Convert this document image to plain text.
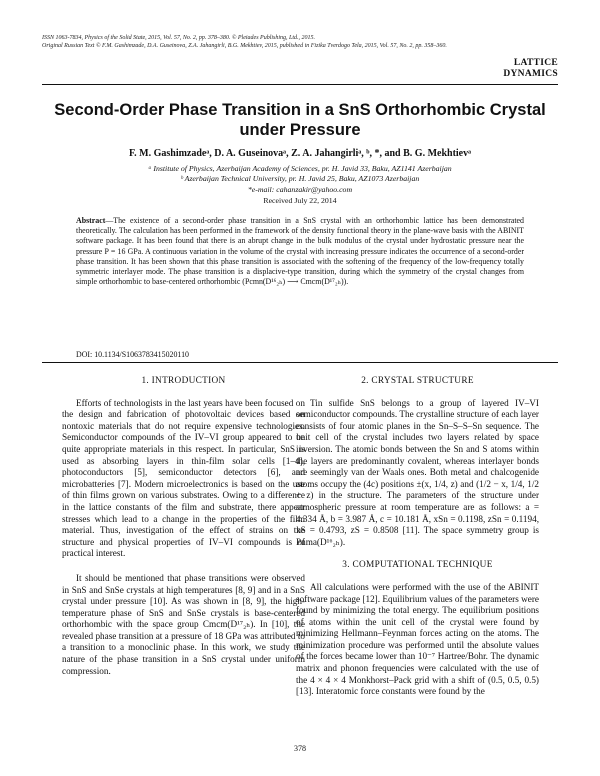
ISSN 1063-7834, Physics of the Solid State, 2015, Vol. 57, No. 2, pp. 378–380. © Pleiades Publishing, Ltd., 2015.
Original Russian Text © F.M. Gashimzade, D.A. Guseinova, Z.A. Jahangirli, B.G. Mekhtiev, 2015, published in Fizika Tverdogo Tela, 2015, Vol. 57, No. 2, pp. 358–360.
LATTICE
DYNAMICS
Second-Order Phase Transition in a SnS Orthorhombic Crystal under Pressure
F. M. Gashimzadeᵃ, D. A. Guseinovaᵃ, Z. A. Jahangirliᵃ, ᵇ, *, and B. G. Mekhtievᵃ
ᵃ Institute of Physics, Azerbaijan Academy of Sciences, pr. H. Javid 33, Baku, AZ1141 Azerbaijan
ᵇ Azerbaijan Technical University, pr. H. Javid 25, Baku, AZ1073 Azerbaijan
*e-mail: cahanzakir@yahoo.com
Received July 22, 2014
Abstract—The existence of a second-order phase transition in a SnS crystal with an orthorhombic lattice has been demonstrated theoretically. The calculation has been performed in the framework of the density functional theory in the plane-wave basis with the ABINIT software package. It has been found that there is an abrupt change in the bulk modulus of the crystal under hydrostatic pressure near the pressure P = 16 GPa. A continuous variation in the volume of the crystal with increasing pressure indicates the occurrence of a second-order phase transition. It has been shown that this phase transition is associated with the softening of the frequency of the low-frequency totally symmetric interlayer mode. The phase transition is a displacive-type transition, during which the symmetry of the crystal changes from simple orthorhombic to base-centered orthorhombic (Pcmn(D¹⁶₂ₕ) ⟶ Cmcm(D¹⁷₂ₕ)).
DOI: 10.1134/S1063783415020110
1. INTRODUCTION

Efforts of technologists in the last years have been focused on the design and fabrication of photovoltaic devices based on nontoxic materials that do not require expensive technologies. Semiconductor compounds of the IV–VI group appeared to be quite appropriate materials in this respect. In particular, SnS is used as absorbing layers in thin-film solar cells [1–4], photoconductors [5], semiconductor detectors [6], and microbatteries [7]. Modern microelectronics is based on the use of thin films grown on various substrates. Owing to a difference in the lattice constants of the film and substrate, there appear stresses which lead to a change in the properties of the film material. Thus, investigation of the effect of strains on the structure and physical properties of IV–VI compounds is of practical interest.

It should be mentioned that phase transitions were observed in SnS and SnSe crystals at high temperatures [8, 9] and in a SnS crystal under pressure [10]. As was shown in [8, 9], the high-temperature phase of SnS and SnSe crystals is base-centered orthorhombic with the space group Cmcm(D¹⁷₂ₕ). In [10], the revealed phase transition at a pressure of 18 GPa was attributed to a transition to a monoclinic phase. In this work, we study the nature of the phase transition in a SnS crystal under uniform compression.

2. CRYSTAL STRUCTURE

Tin sulfide SnS belongs to a group of layered IV–VI semiconductor compounds. The crystalline structure of each layer consists of four atomic planes in the Sn–S–S–Sn sequence. The unit cell of the crystal includes two layers related by space inversion. The atomic bonds between the Sn and S atoms within the layers are predominantly covalent, whereas interlayer bonds are seemingly van der Waals ones. Both metal and chalcogenide atoms occupy the (4c) positions ±(x, 1/4, z) and (1/2 − x, 1/4, 1/2 + z) in the structure. The parameters of the structure under atmospheric pressure at room temperature are as follows: a = 4.334 Å, b = 3.987 Å, c = 10.181 Å, xSn = 0.1198, zSn = 0.1194, xS = 0.4793, zS = 0.8508 [11]. The space symmetry group is Pnma(D¹⁶₂ₕ).

3. COMPUTATIONAL TECHNIQUE

All calculations were performed with the use of the ABINIT software package [12]. Equilibrium values of the parameters were found by minimizing the total energy. The equilibrium positions of atoms within the unit cell of the crystal were found by minimizing Hellmann–Feynman forces acting on the atoms. The minimization procedure was performed until the absolute values of the forces became lower than 10⁻⁷ Hartree/Bohr. The dynamic matrix and phonon frequencies were calculated with the use of the 4 × 4 × 4 Monkhorst–Pack grid with a shift of (0.5, 0.5, 0.5) [13]. Interatomic force constants were found by the

378
